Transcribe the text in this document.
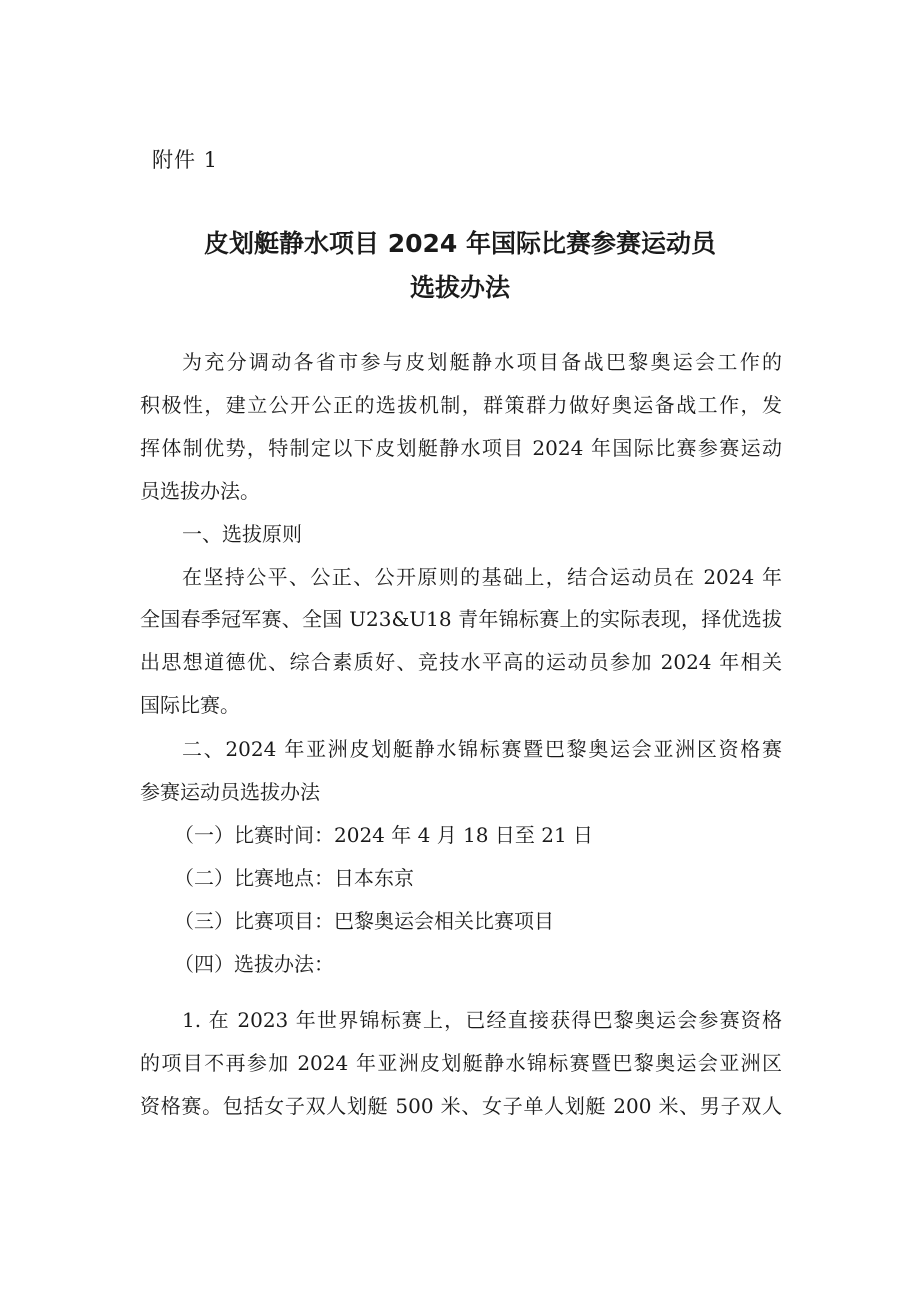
附件 1
皮划艇静水项目 2024 年国际比赛参赛运动员
选拔办法
为充分调动各省市参与皮划艇静水项目备战巴黎奥运会工作的
积极性，建立公开公正的选拔机制，群策群力做好奥运备战工作，发
挥体制优势，特制定以下皮划艇静水项目 2024 年国际比赛参赛运动
员选拔办法。
一、选拔原则
在坚持公平、公正、公开原则的基础上，结合运动员在 2024 年
全国春季冠军赛、全国 U23&U18 青年锦标赛上的实际表现，择优选拔
出思想道德优、综合素质好、竞技水平高的运动员参加 2024 年相关
国际比赛。
二、2024 年亚洲皮划艇静水锦标赛暨巴黎奥运会亚洲区资格赛
参赛运动员选拔办法
（一）比赛时间：2024 年 4 月 18 日至 21 日
（二）比赛地点：日本东京
（三）比赛项目：巴黎奥运会相关比赛项目
（四）选拔办法：
1. 在 2023 年世界锦标赛上，已经直接获得巴黎奥运会参赛资格
的项目不再参加 2024 年亚洲皮划艇静水锦标赛暨巴黎奥运会亚洲区
资格赛。包括女子双人划艇 500 米、女子单人划艇 200 米、男子双人
